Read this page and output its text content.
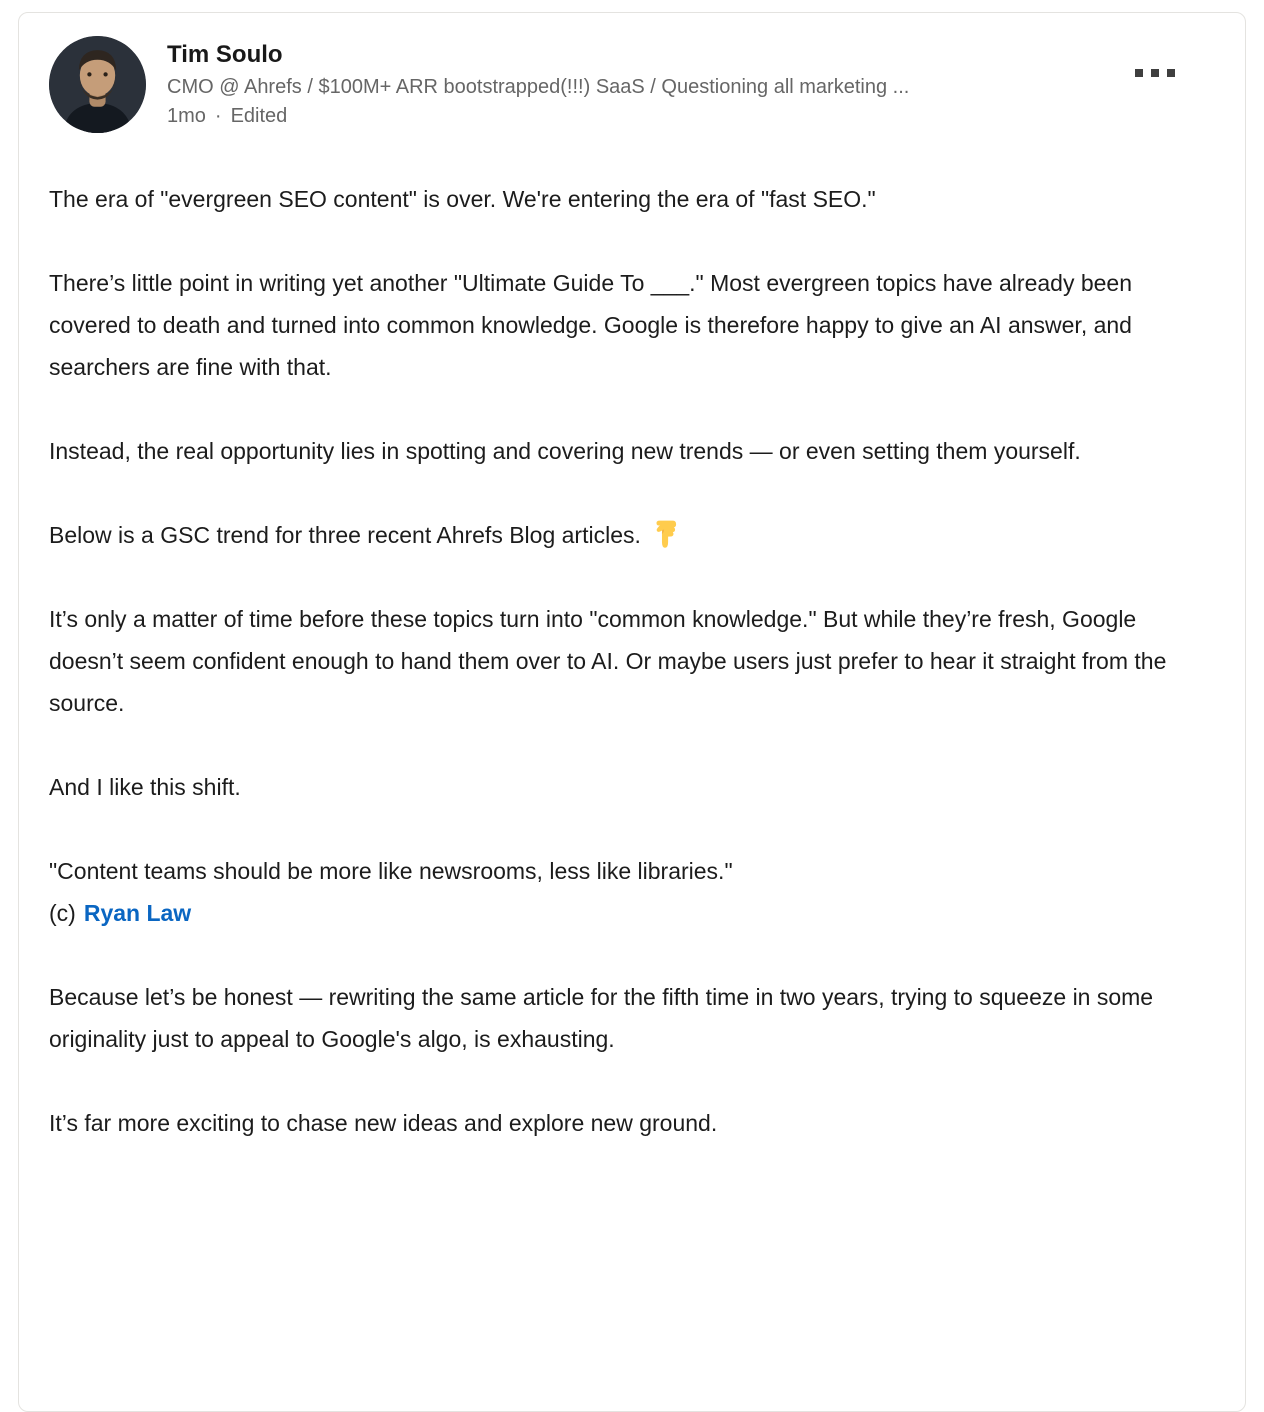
Tim Soulo
CMO @ Ahrefs / $100M+ ARR bootstrapped(!!!) SaaS / Questioning all marketing ...
1mo · Edited

The era of "evergreen SEO content" is over. We're entering the era of "fast SEO."

There’s little point in writing yet another "Ultimate Guide To ___." Most evergreen topics have already been covered to death and turned into common knowledge. Google is therefore happy to give an AI answer, and searchers are fine with that.

Instead, the real opportunity lies in spotting and covering new trends — or even setting them yourself.

Below is a GSC trend for three recent Ahrefs Blog articles.

It’s only a matter of time before these topics turn into "common knowledge." But while they’re fresh, Google doesn’t seem confident enough to hand them over to AI. Or maybe users just prefer to hear it straight from the source.

And I like this shift.

"Content teams should be more like newsrooms, less like libraries."
(c) Ryan Law

Because let’s be honest — rewriting the same article for the fifth time in two years, trying to squeeze in some originality just to appeal to Google's algo, is exhausting.

It’s far more exciting to chase new ideas and explore new ground.
